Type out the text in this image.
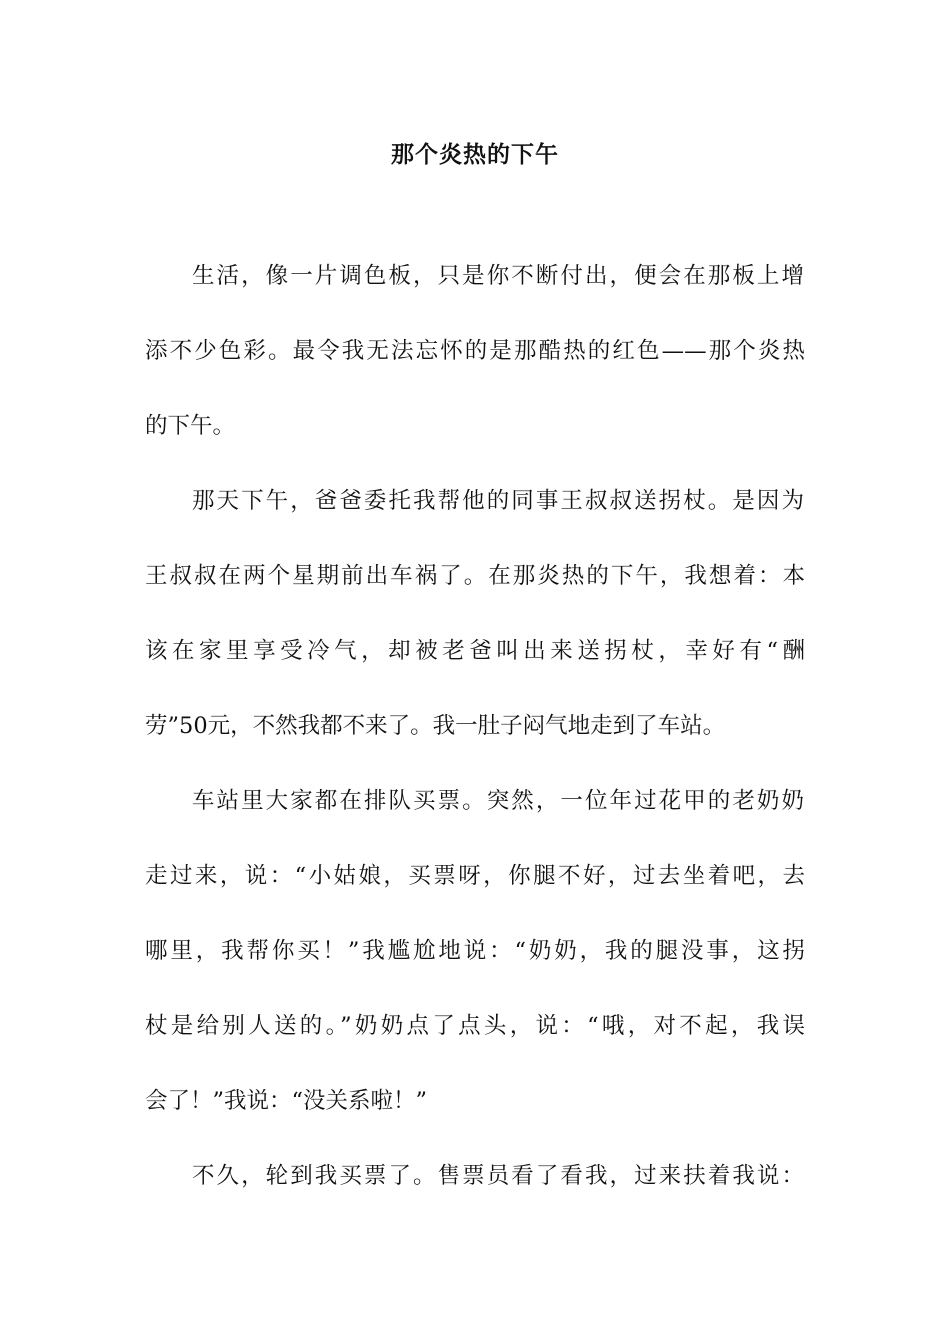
那个炎热的下午

生活，像一片调色板，只是你不断付出，便会在那板上增

添不少色彩。最令我无法忘怀的是那酷热的红色——那个炎热

的下午。

那天下午，爸爸委托我帮他的同事王叔叔送拐杖。是因为

王叔叔在两个星期前出车祸了。在那炎热的下午，我想着：本

该在家里享受冷气，却被老爸叫出来送拐杖，幸好有“酬

劳”50元，不然我都不来了。我一肚子闷气地走到了车站。

车站里大家都在排队买票。突然，一位年过花甲的老奶奶

走过来，说：“小姑娘，买票呀，你腿不好，过去坐着吧，去

哪里，我帮你买！”我尴尬地说：“奶奶，我的腿没事，这拐

杖是给别人送的。”奶奶点了点头，说：“哦，对不起，我误

会了！”我说：“没关系啦！”

不久，轮到我买票了。售票员看了看我，过来扶着我说：
